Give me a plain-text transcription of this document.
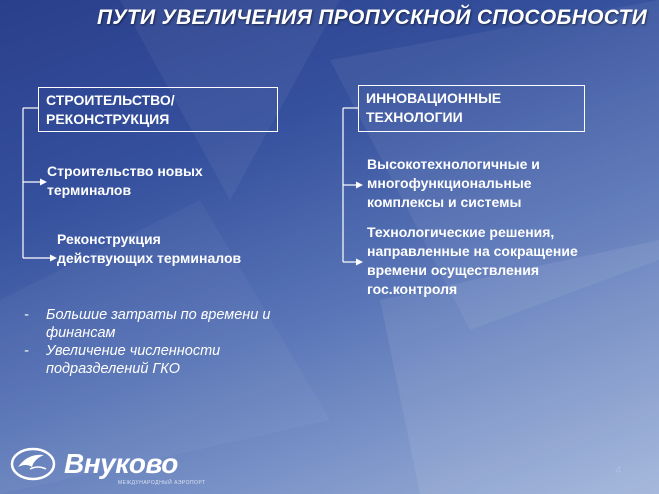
ПУТИ УВЕЛИЧЕНИЯ ПРОПУСКНОЙ СПОСОБНОСТИ
СТРОИТЕЛЬСТВО/
РЕКОНСТРУКЦИЯ
ИННОВАЦИОННЫЕ
ТЕХНОЛОГИИ
Строительство новых
терминалов
Реконструкция
действующих терминалов
Высокотехнологичные и
многофункциональные
комплексы и системы
Технологические решения,
направленные на сокращение
времени осуществления
гос.контроля
-	Большие затраты по времени и
финансам
-	Увеличение численности
подразделений ГКО
Внуково
МЕЖДУНАРОДНЫЙ АЭРОПОРТ
4
